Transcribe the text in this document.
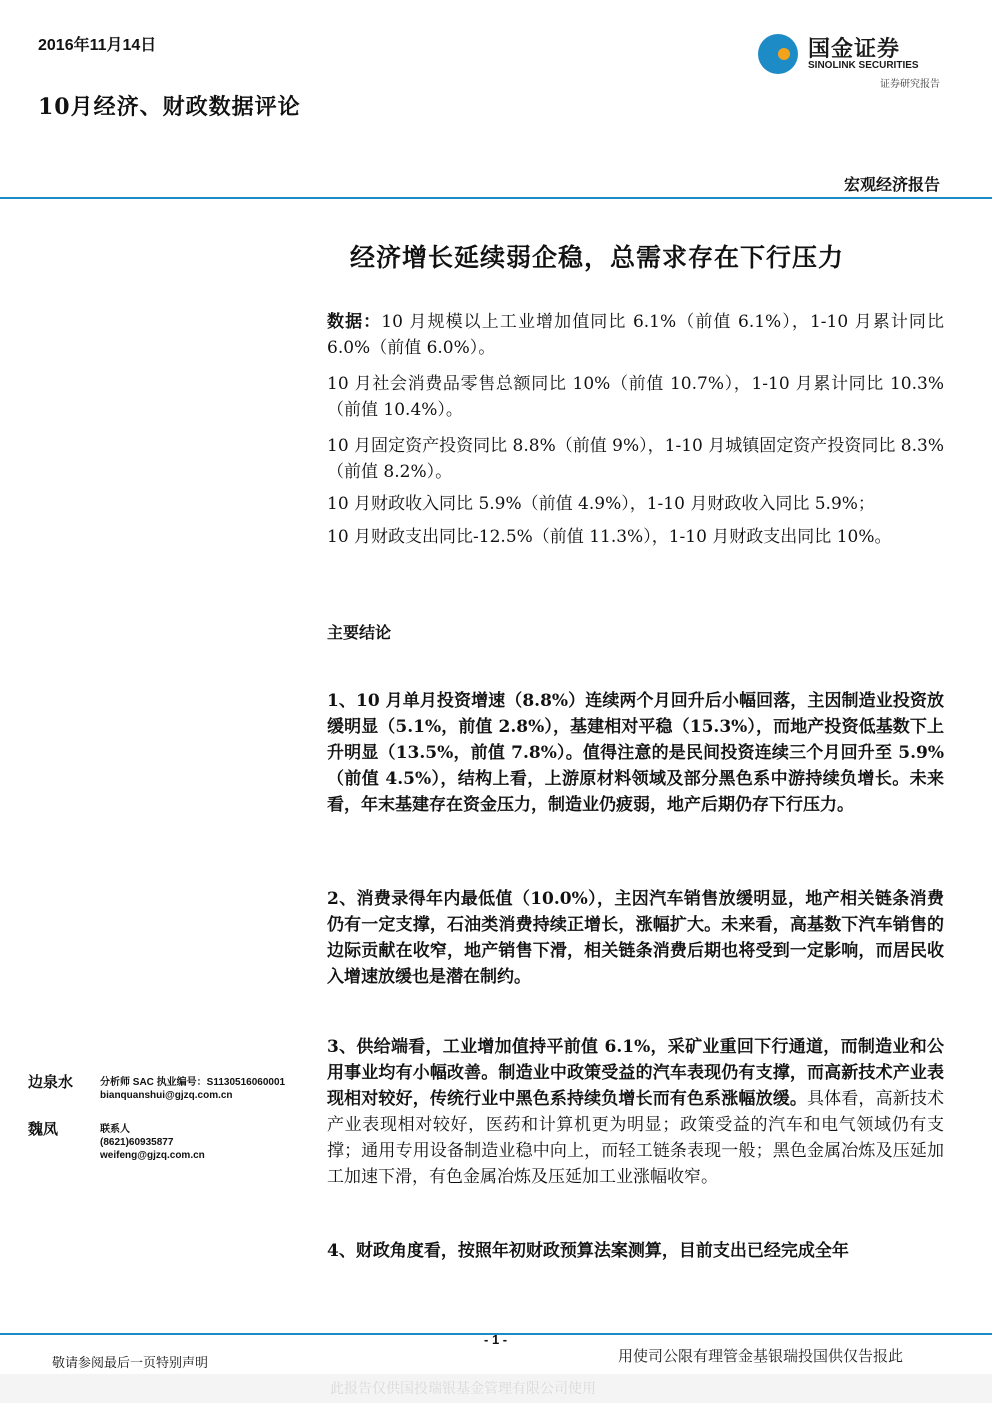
2016年11月14日
10月经济、财政数据评论
国金证券
SINOLINK SECURITIES
证券研究报告
宏观经济报告
经济增长延续弱企稳，总需求存在下行压力

数据：10 月规模以上工业增加值同比 6.1%（前值 6.1%），1-10 月累计同比 6.0%（前值 6.0%）。

10 月社会消费品零售总额同比 10%（前值 10.7%），1-10 月累计同比 10.3%（前值 10.4%）。

10 月固定资产投资同比 8.8%（前值 9%），1-10 月城镇固定资产投资同比 8.3%（前值 8.2%）。

10 月财政收入同比 5.9%（前值 4.9%），1-10 月财政收入同比 5.9%；

10 月财政支出同比-12.5%（前值 11.3%），1-10 月财政支出同比 10%。

主要结论

1、10 月单月投资增速（8.8%）连续两个月回升后小幅回落，主因制造业投资放缓明显（5.1%，前值 2.8%），基建相对平稳（15.3%），而地产投资低基数下上升明显（13.5%，前值 7.8%）。值得注意的是民间投资连续三个月回升至 5.9%（前值 4.5%），结构上看，上游原材料领域及部分黑色系中游持续负增长。未来看，年末基建存在资金压力，制造业仍疲弱，地产后期仍存下行压力。

2、消费录得年内最低值（10.0%），主因汽车销售放缓明显，地产相关链条消费仍有一定支撑，石油类消费持续正增长，涨幅扩大。未来看，高基数下汽车销售的边际贡献在收窄，地产销售下滑，相关链条消费后期也将受到一定影响，而居民收入增速放缓也是潜在制约。

3、供给端看，工业增加值持平前值 6.1%，采矿业重回下行通道，而制造业和公用事业均有小幅改善。制造业中政策受益的汽车表现仍有支撑，而高新技术产业表现相对较好，传统行业中黑色系持续负增长而有色系涨幅放缓。具体看，高新技术产业表现相对较好，医药和计算机更为明显；政策受益的汽车和电气领域仍有支撑；通用专用设备制造业稳中向上，而轻工链条表现一般；黑色金属冶炼及压延加工加速下滑，有色金属冶炼及压延加工业涨幅收窄。

4、财政角度看，按照年初财政预算法案测算，目前支出已经完成全年

边泉水	分析师 SAC 执业编号：S1130516060001
bianquanshui@gjzq.com.cn
魏凤	联系人
(8621)60935877
weifeng@gjzq.com.cn
- 1 -
敬请参阅最后一页特别声明	用使司公限有理管金基银瑞投国供仅告报此
此报告仅供国投瑞银基金管理有限公司使用
